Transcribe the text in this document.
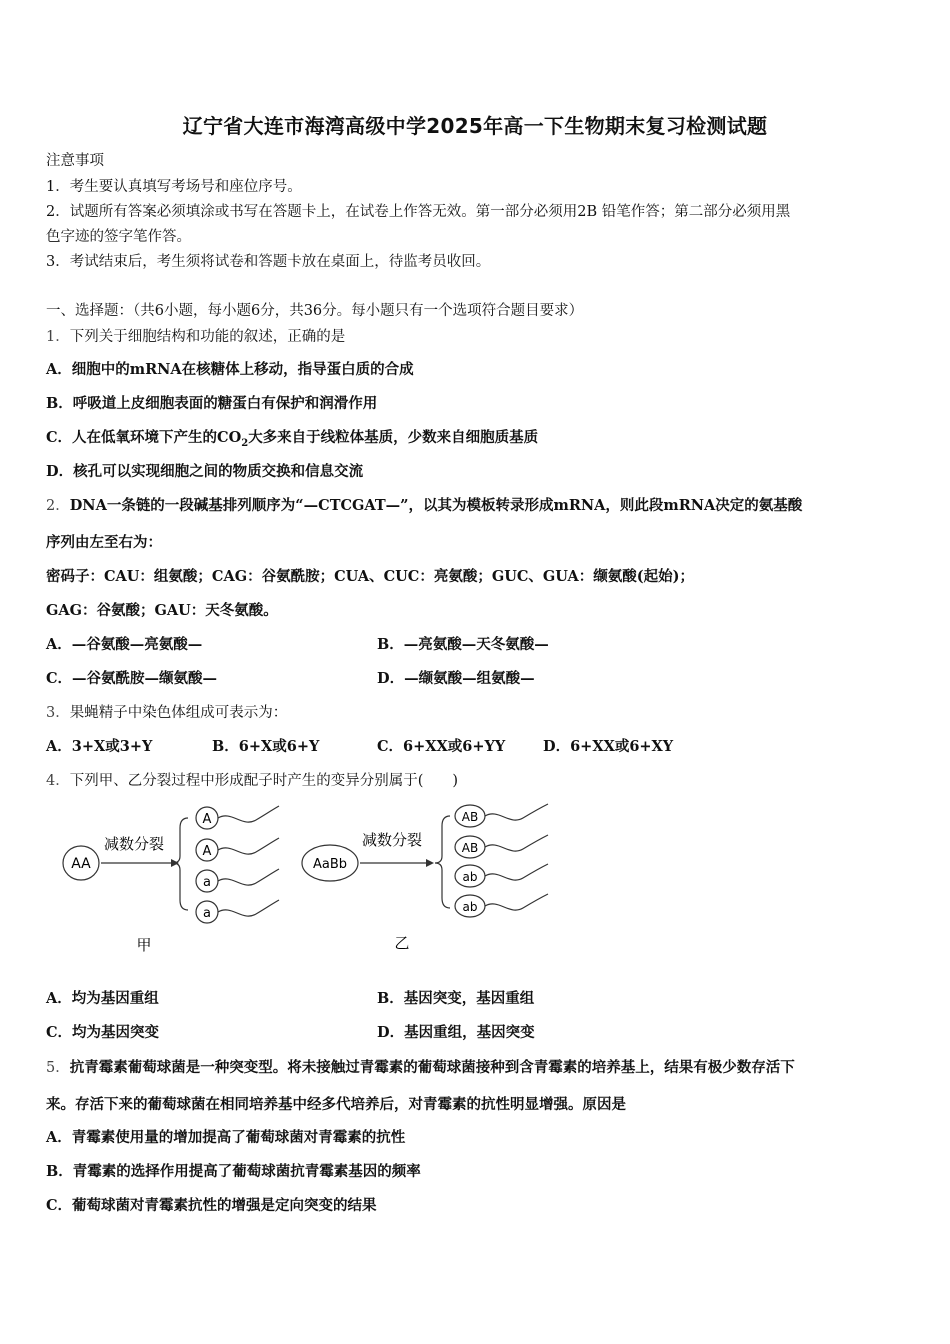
辽宁省大连市海湾高级中学2025年高一下生物期末复习检测试题
注意事项
1．考生要认真填写考场号和座位序号。
2．试题所有答案必须填涂或书写在答题卡上，在试卷上作答无效。第一部分必须用2B 铅笔作答；第二部分必须用黑
色字迹的签字笔作答。
3．考试结束后，考生须将试卷和答题卡放在桌面上，待监考员收回。
一、选择题：（共6小题，每小题6分，共36分。每小题只有一个选项符合题目要求）
1．下列关于细胞结构和功能的叙述，正确的是
A．细胞中的mRNA在核糖体上移动，指导蛋白质的合成
B．呼吸道上皮细胞表面的糖蛋白有保护和润滑作用
C．人在低氧环境下产生的$CO_2$大多来自于线粒体基质，少数来自细胞质基质
D．核孔可以实现细胞之间的物质交换和信息交流
2．DNA一条链的一段碱基排列顺序为“—CTCGAT—”，以其为模板转录形成mRNA，则此段mRNA决定的氨基酸
序列由左至右为：
密码子：CAU：组氨酸；CAG：谷氨酰胺；CUA、CUC：亮氨酸；GUC、GUA：缬氨酸(起始)；
GAG：谷氨酸；GAU：天冬氨酸。
A．—谷氨酸—亮氨酸—	B．—亮氨酸—天冬氨酸—
C．—谷氨酰胺—缬氨酸—	D．—缬氨酸—组氨酸—
3．果蝇精子中染色体组成可表示为：
A．3+X或3+Y	B．6+X或6+Y	C．6+XX或6+YY	D．6+XX或6+XY
4．下列甲、乙分裂过程中形成配子时产生的变异分别属于(　　)
AA
减数分裂
A
A
a
a
甲
AaBb
减数分裂
AB
AB
ab
ab
乙
A．均为基因重组	B．基因突变，基因重组
C．均为基因突变	D．基因重组，基因突变
5．抗青霉素葡萄球菌是一种突变型。将未接触过青霉素的葡萄球菌接种到含青霉素的培养基上，结果有极少数存活下
来。存活下来的葡萄球菌在相同培养基中经多代培养后，对青霉素的抗性明显增强。原因是
A．青霉素使用量的增加提高了葡萄球菌对青霉素的抗性
B．青霉素的选择作用提高了葡萄球菌抗青霉素基因的频率
C．葡萄球菌对青霉素抗性的增强是定向突变的结果
